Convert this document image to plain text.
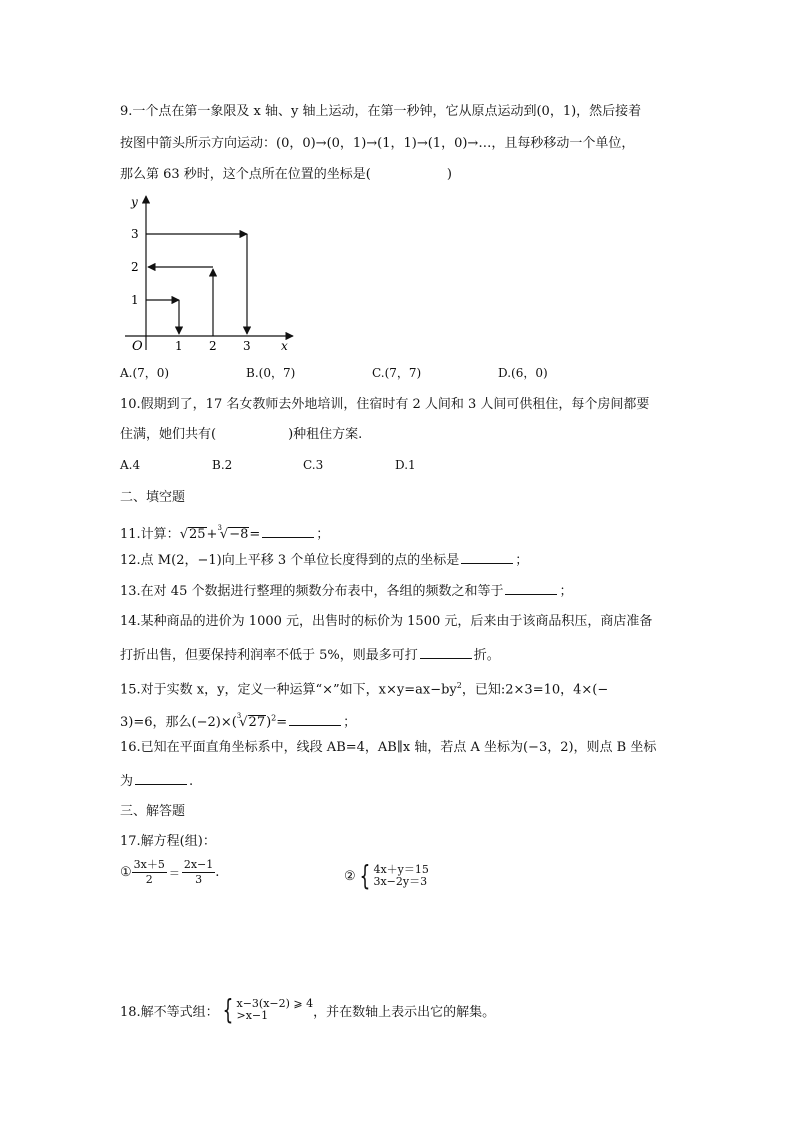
9.一个点在第一象限及 x 轴、y 轴上运动，在第一秒钟，它从原点运动到(0，1)，然后接着
按图中箭头所示方向运动：(0，0)→(0，1)→(1，1)→(1，0)→…，且每秒移动一个单位，
那么第 63 秒时，这个点所在位置的坐标是(	)
y
x
O
1
2
3
1 2 3
A.(7，0)	B.(0，7)	C.(7，7)	D.(6，0)
10.假期到了，17 名女教师去外地培训，住宿时有 2 人间和 3 人间可供租住，每个房间都要
住满，她们共有(	)种租住方案.
A.4	B.2	C.3	D.1
二、填空题
11.计算：√25+$^3$√−8=	；
12.点 M(2，−1)向上平移 3 个单位长度得到的点的坐标是	；
13.在对 45 个数据进行整理的频数分布表中，各组的频数之和等于	；
14.某种商品的进价为 1000 元，出售时的标价为 1500 元，后来由于该商品积压，商店准备
打折出售，但要保持利润率不低于 5%，则最多可打	折。
15.对于实数 x，y，定义一种运算“×”如下，$x\times y=ax-by^2$，已知:2×3=10，4×(−
3)=6，那么$(-2)\times(^3√27)^2=$	；
16.已知在平面直角坐标系中，线段 AB=4，AB∥x 轴，若点 A 坐标为(−3，2)，则点 B 坐标
为	.
三、解答题
17.解方程(组)：
① $\frac{3x+5}{2} = \frac{2x-1}{3}$ .	② { 4x＋y＝15
3x−2y＝3
18.解不等式组： { x−3(x−2) ⩾ 4
>x−1	，并在数轴上表示出它的解集。
